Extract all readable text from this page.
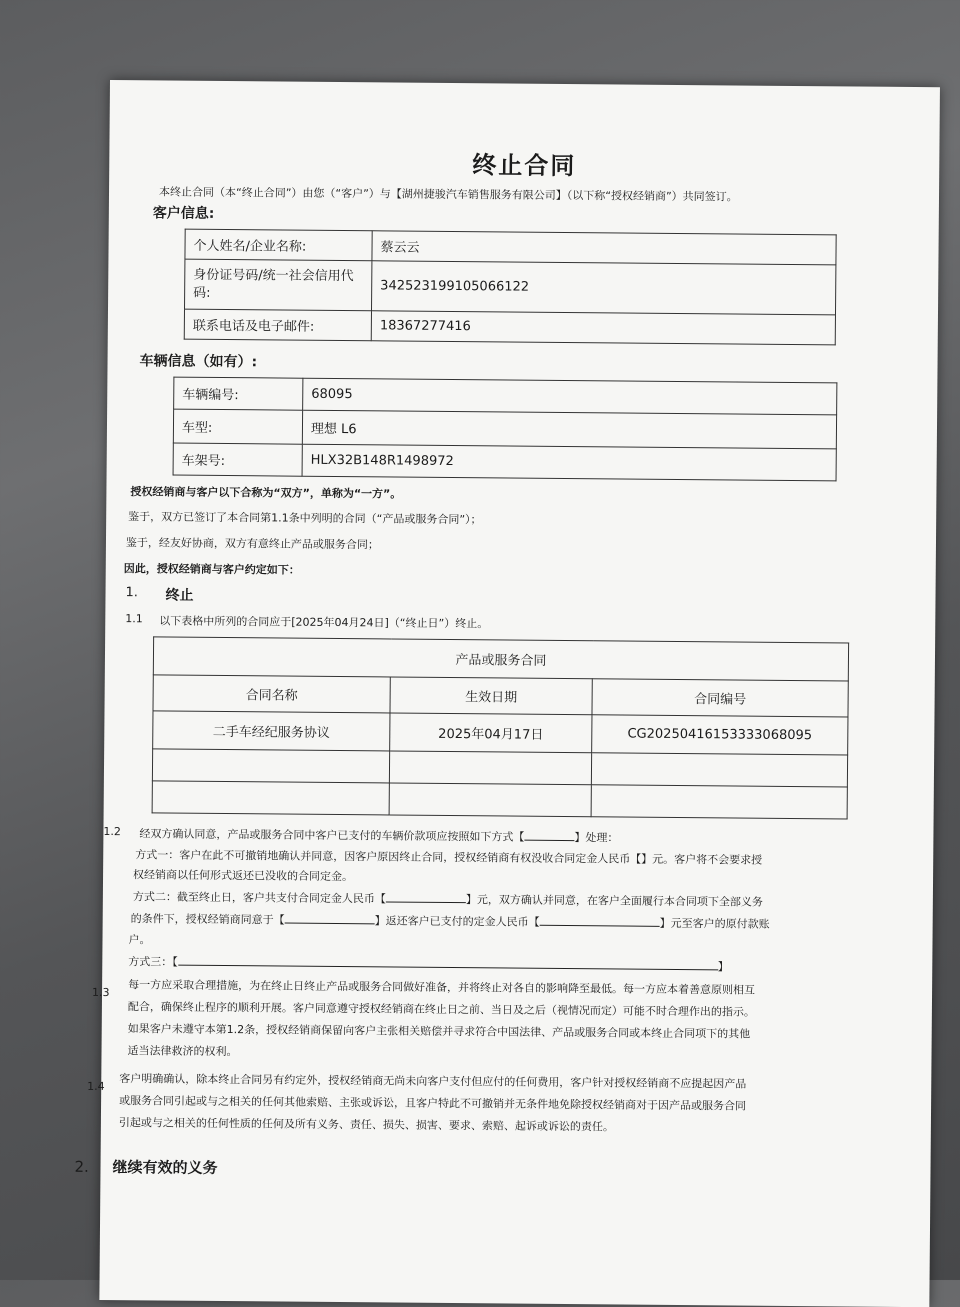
终止合同
本终止合同（本“终止合同”）由您（“客户”）与【湖州捷骏汽车销售服务有限公司】（以下称“授权经销商”）共同签订。
客户信息:
个人姓名/企业名称:	蔡云云
身份证号码/统一社会信用代码:	342523199105066122
联系电话及电子邮件:	18367277416
车辆信息（如有）:
车辆编号:	68095
车型:	理想 L6
车架号:	HLX32B148R1498972
授权经销商与客户以下合称为“双方”，单称为“一方”。
鉴于，双方已签订了本合同第1.1条中列明的合同（“产品或服务合同”）；
鉴于，经友好协商，双方有意终止产品或服务合同；
因此，授权经销商与客户约定如下：
1. 终止
1.1 以下表格中所列的合同应于[2025年04月24日]（“终止日”）终止。
产品或服务合同		
合同名称	生效日期	合同编号
二手车经纪服务协议	2025年04月17日	CG20250416153333068095

1.2 经双方确认同意，产品或服务合同中客户已支付的车辆价款项应按照如下方式【	】处理：
方式一：客户在此不可撤销地确认并同意，因客户原因终止合同，授权经销商有权没收合同定金人民币【】元。客户将不会要求授
权经销商以任何形式返还已没收的合同定金。
方式二：截至终止日，客户共支付合同定金人民币【	】元，双方确认并同意，在客户全面履行本合同项下全部义务
的条件下，授权经销商同意于【	】返还客户已支付的定金人民币【	】元至客户的原付款账
户。
方式三：【	】
1.3 每一方应采取合理措施，为在终止日终止产品或服务合同做好准备，并将终止对各自的影响降至最低。每一方应本着善意原则相互
配合，确保终止程序的顺利开展。客户同意遵守授权经销商在终止日之前、当日及之后（视情况而定）可能不时合理作出的指示。
如果客户未遵守本第1.2条，授权经销商保留向客户主张相关赔偿并寻求符合中国法律、产品或服务合同或本终止合同项下的其他
适当法律救济的权利。
1.4 客户明确确认，除本终止合同另有约定外，授权经销商无尚未向客户支付但应付的任何费用，客户针对授权经销商不应提起因产品
或服务合同引起或与之相关的任何其他索赔、主张或诉讼，且客户特此不可撤销并无条件地免除授权经销商对于因产品或服务合同
引起或与之相关的任何性质的任何及所有义务、责任、损失、损害、要求、索赔、起诉或诉讼的责任。
2. 继续有效的义务
